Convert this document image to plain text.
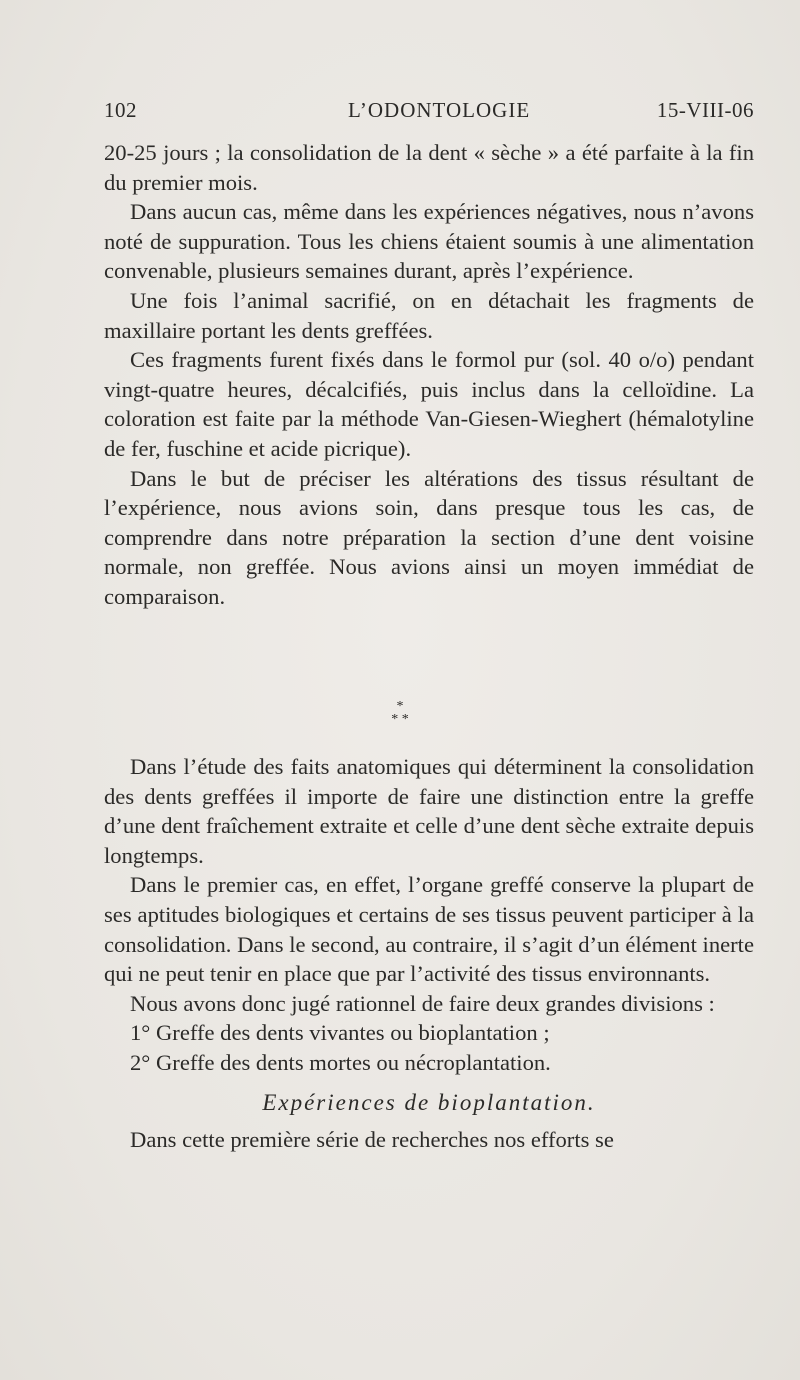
102	L’ODONTOLOGIE	15-VIII-06

20-25 jours ; la consolidation de la dent « sèche » a été parfaite à la fin du premier mois.

Dans aucun cas, même dans les expériences négatives, nous n’avons noté de suppuration. Tous les chiens étaient soumis à une alimentation convenable, plusieurs semaines durant, après l’expérience.

Une fois l’animal sacrifié, on en détachait les fragments de maxillaire portant les dents greffées.

Ces fragments furent fixés dans le formol pur (sol. 40 o/o) pendant vingt-quatre heures, décalcifiés, puis inclus dans la celloïdine. La coloration est faite par la méthode Van-Giesen-Wieghert (hémalotyline de fer, fuschine et acide picrique).

Dans le but de préciser les altérations des tissus résultant de l’expérience, nous avions soin, dans presque tous les cas, de comprendre dans notre préparation la section d’une dent voisine normale, non greffée. Nous avions ainsi un moyen immédiat de comparaison.

*
* *

Dans l’étude des faits anatomiques qui déterminent la consolidation des dents greffées il importe de faire une distinction entre la greffe d’une dent fraîchement extraite et celle d’une dent sèche extraite depuis longtemps.

Dans le premier cas, en effet, l’organe greffé conserve la plupart de ses aptitudes biologiques et certains de ses tissus peuvent participer à la consolidation. Dans le second, au contraire, il s’agit d’un élément inerte qui ne peut tenir en place que par l’activité des tissus environnants.

Nous avons donc jugé rationnel de faire deux grandes divisions :

1° Greffe des dents vivantes ou bioplantation ;

2° Greffe des dents mortes ou nécroplantation.

Expériences de bioplantation.

Dans cette première série de recherches nos efforts se
